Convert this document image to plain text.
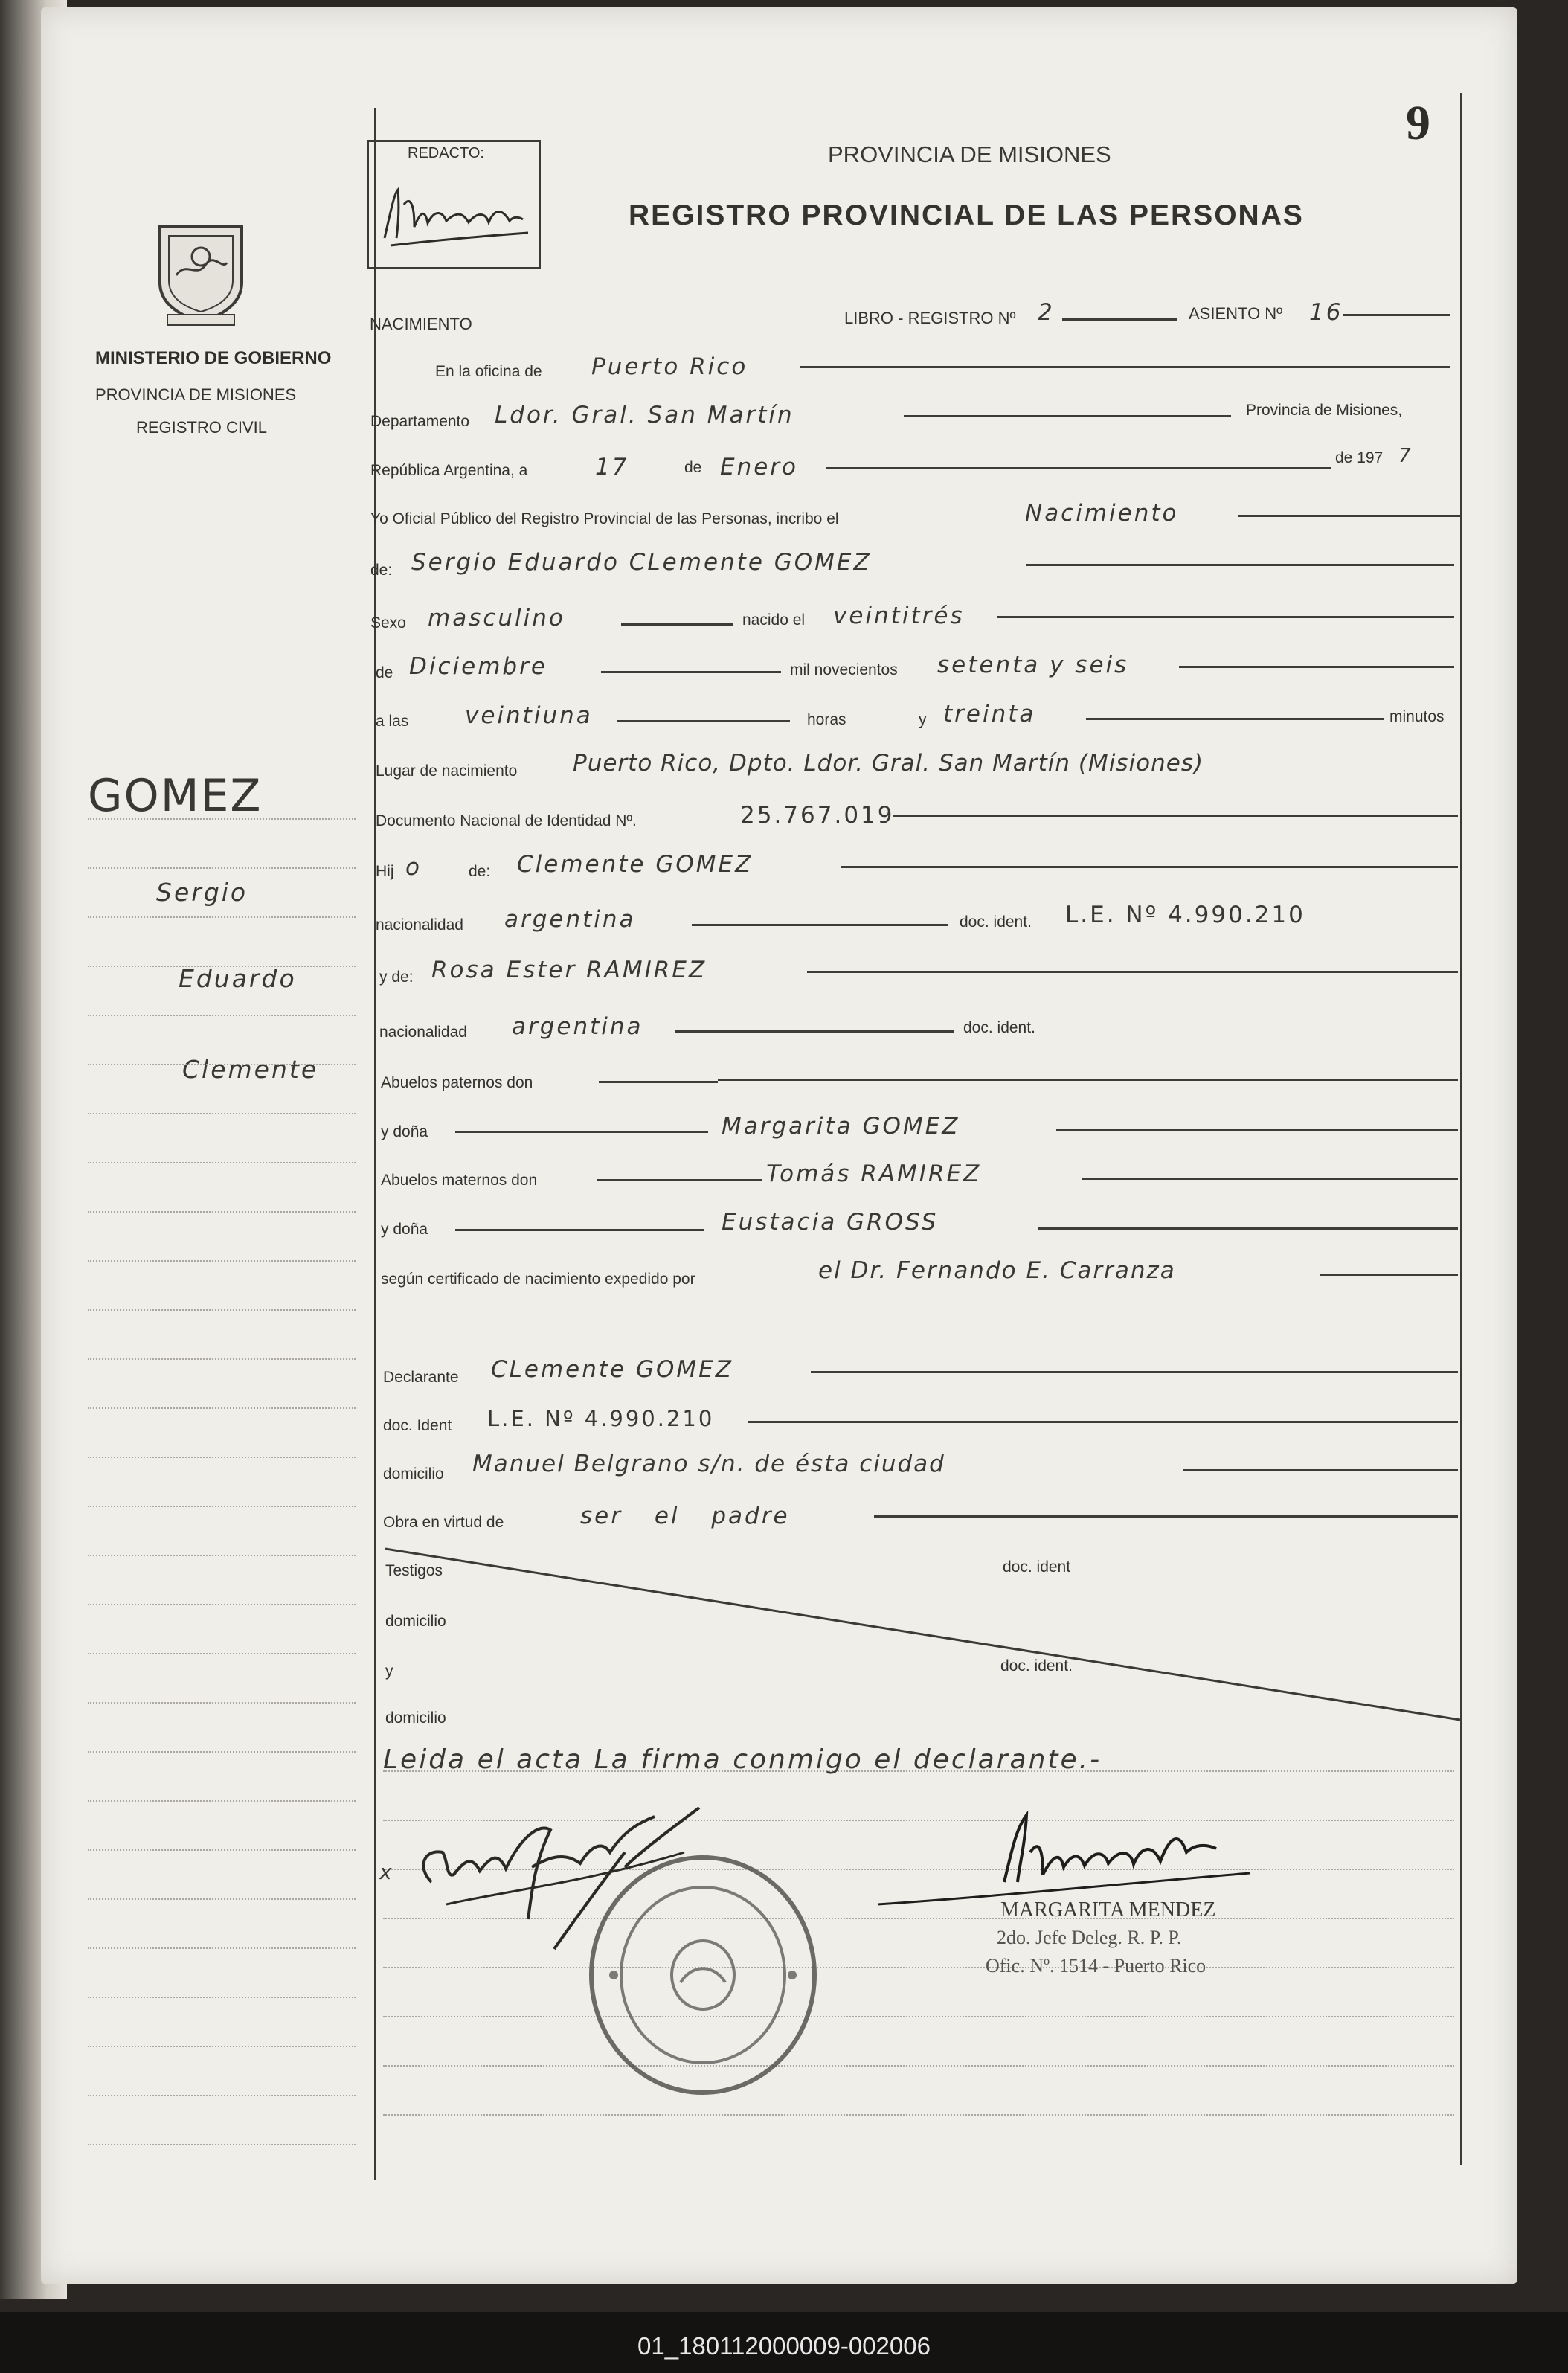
9
REDACTO:	PROVINCIA DE MISIONES
REGISTRO PROVINCIAL DE LAS PERSONAS
MINISTERIO DE GOBIERNO
PROVINCIA DE MISIONES
REGISTRO CIVIL
GOMEZ
Sergio
Eduardo
Clemente
NACIMIENTO	LIBRO - REGISTRO Nº 2	ASIENTO Nº 16
En la oficina de Puerto Rico
Departamento Ldor. Gral. San Martín	Provincia de Misiones,
República Argentina, a	17	de Enero	de 197 7
Yo Oficial Público del Registro Provincial de las Personas, incribo el	Nacimiento
de: Sergio Eduardo CLemente GOMEZ
Sexo masculino	nacido el veintitrés
de Diciembre	mil novecientos setenta y seis
a las veintiuna	horas	y treinta	minutos
Lugar de nacimiento Puerto Rico, Dpto. Ldor. Gral. San Martín (Misiones)
Documento Nacional de Identidad Nº.	25.767.019
Hij o	de: Clemente GOMEZ
nacionalidad argentina	doc. ident. L.E. Nº 4.990.210
y de: Rosa Ester RAMIREZ
nacionalidad argentina	doc. ident.
Abuelos paternos don
y doña	Margarita GOMEZ
Abuelos maternos don	Tomás RAMIREZ
y doña	Eustacia GROSS
según certificado de nacimiento expedido por	el Dr. Fernando E. Carranza
Declarante CLemente GOMEZ
doc. Ident L.E. Nº 4.990.210
domicilio Manuel Belgrano s/n. de ésta ciudad
Obra en virtud de	ser el padre
Testigos	doc. ident
domicilio
y	doc. ident.
domicilio
Leida el acta La firma conmigo el declarante.-
x
MARGARITA MENDEZ
2do. Jefe Deleg. R. P. P.
Ofic. Nº. 1514 - Puerto Rico
01_180112000009-002006
